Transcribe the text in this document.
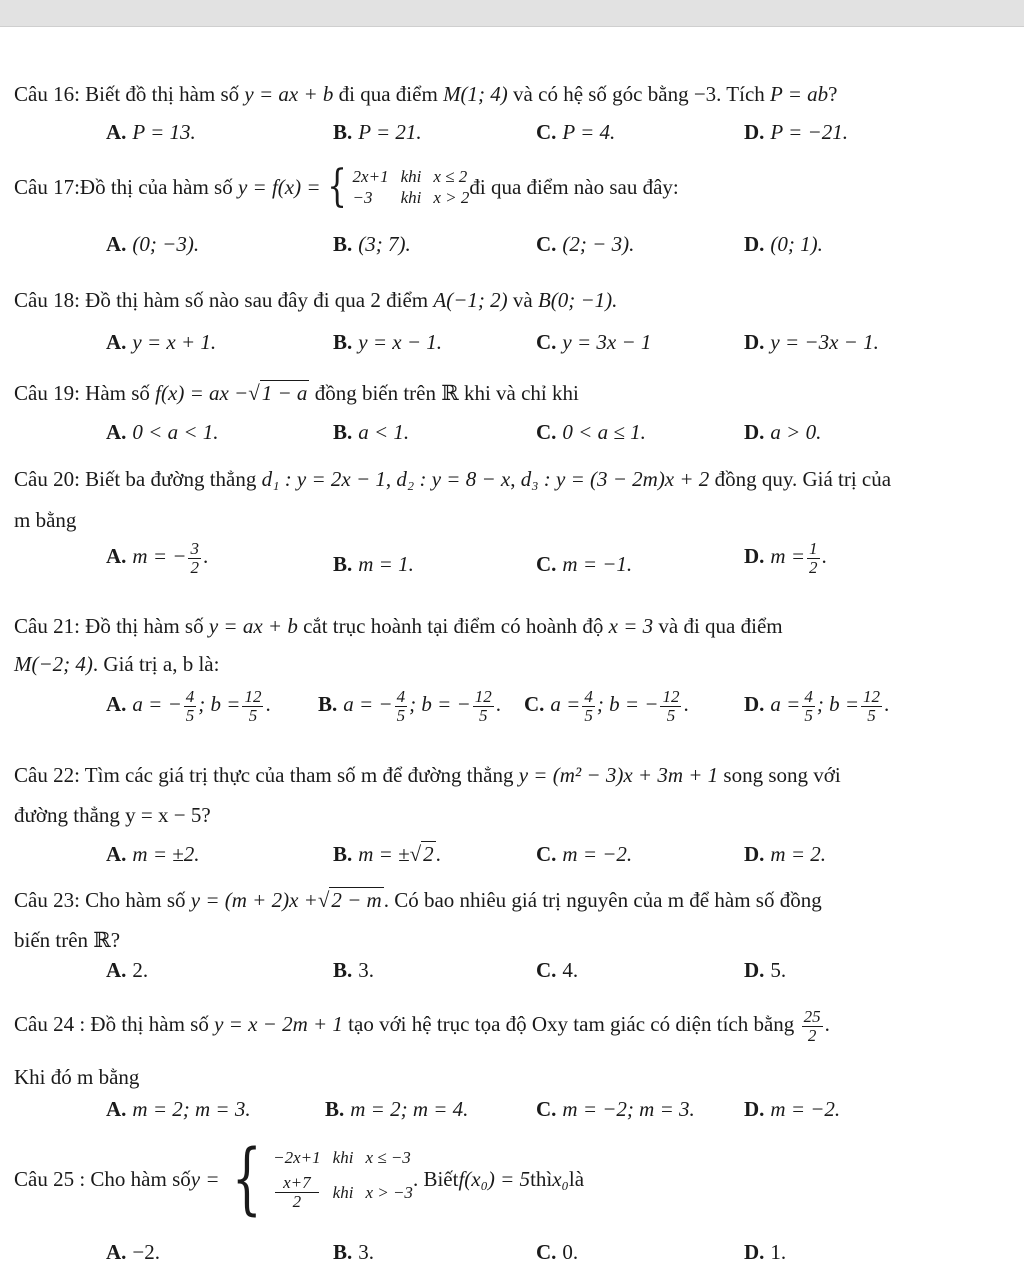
Câu 16: Biết đồ thị hàm số y = ax + b đi qua điểm M(1; 4) và có hệ số góc bằng −3. Tích P = ab?
A. P = 13.	B. P = 21.	C. P = 4.	D. P = −21.
Câu 17: Đồ thị của hàm số
y = f(x) = { 2x+1 khi x ≤ 2
−3	khi x > 2 đi qua điểm nào sau đây:
A. (0; −3).	B. (3; 7).	C. (2; − 3).	D. (0; 1).
Câu 18: Đồ thị hàm số nào sau đây đi qua 2 điểm A(−1; 2) và B(0; −1).
A. y = x + 1.	B. y = x − 1.	C. y = 3x − 1	D. y = −3x − 1.
Câu 19: Hàm số f(x) = ax −√1 − a đồng biến trên ℝ khi và chỉ khi
A. 0 < a < 1.	B. a < 1.	C. 0 < a ≤ 1.	D. a > 0.
Câu 20: Biết ba đường thẳng d₁ : y = 2x − 1, d₂ : y = 8 − x, d₃ : y = (3 − 2m)x + 2 đồng quy. Giá trị của
m bằng
A. m = − $\frac{3}{2}$ .	B. m = 1.	C. m = −1.	D. $m = \frac{1}{2}$ .
Câu 21: Đồ thị hàm số y = ax + b cắt trục hoành tại điểm có hoành độ x = 3 và đi qua điểm
M(−2; 4). Giá trị a, b là:
A. a = − $\frac{4}{5}$ ; $b = \frac{12}{5}$ . B. a = − $\frac{4}{5}$ ; b = − $\frac{12}{5}$ . C. $a = \frac{4}{5}$ ; b = − $\frac{12}{5}$ .	D. $a = \frac{4}{5}$ ; $b = \frac{12}{5}$ .
Câu 22: Tìm các giá trị thực của tham số m để đường thẳng y = (m² − 3)x + 3m + 1 song song với
đường thẳng y = x − 5?
A. m = ±2.	B. m = ±√2.	C. m = −2.	D. m = 2.
Câu 23: Cho hàm số y = (m + 2)x +√2 − m. Có bao nhiêu giá trị nguyên của m để hàm số đồng
biến trên ℝ?
A. 2.	B. 3.	C. 4.	D. 5.
Câu 24 : Đồ thị hàm số y = x − 2m + 1 tạo với hệ trục tọa độ Oxy tam giác có diện tích bằng $\frac{25}{2}$ .
Khi đó m bằng
A. m = 2; m = 3.	B. m = 2; m = 4.	C. m = −2; m = 3. D. m = −2.
Câu 25 :
Cho hàm số y = { −2x+1 khi x ≤ −3
$\frac{x+7}{2}$ khi x > −3
. Biết f(x₀) = 5 thì x₀ là
A. −2.	B. 3.	C. 0.	D. 1.
